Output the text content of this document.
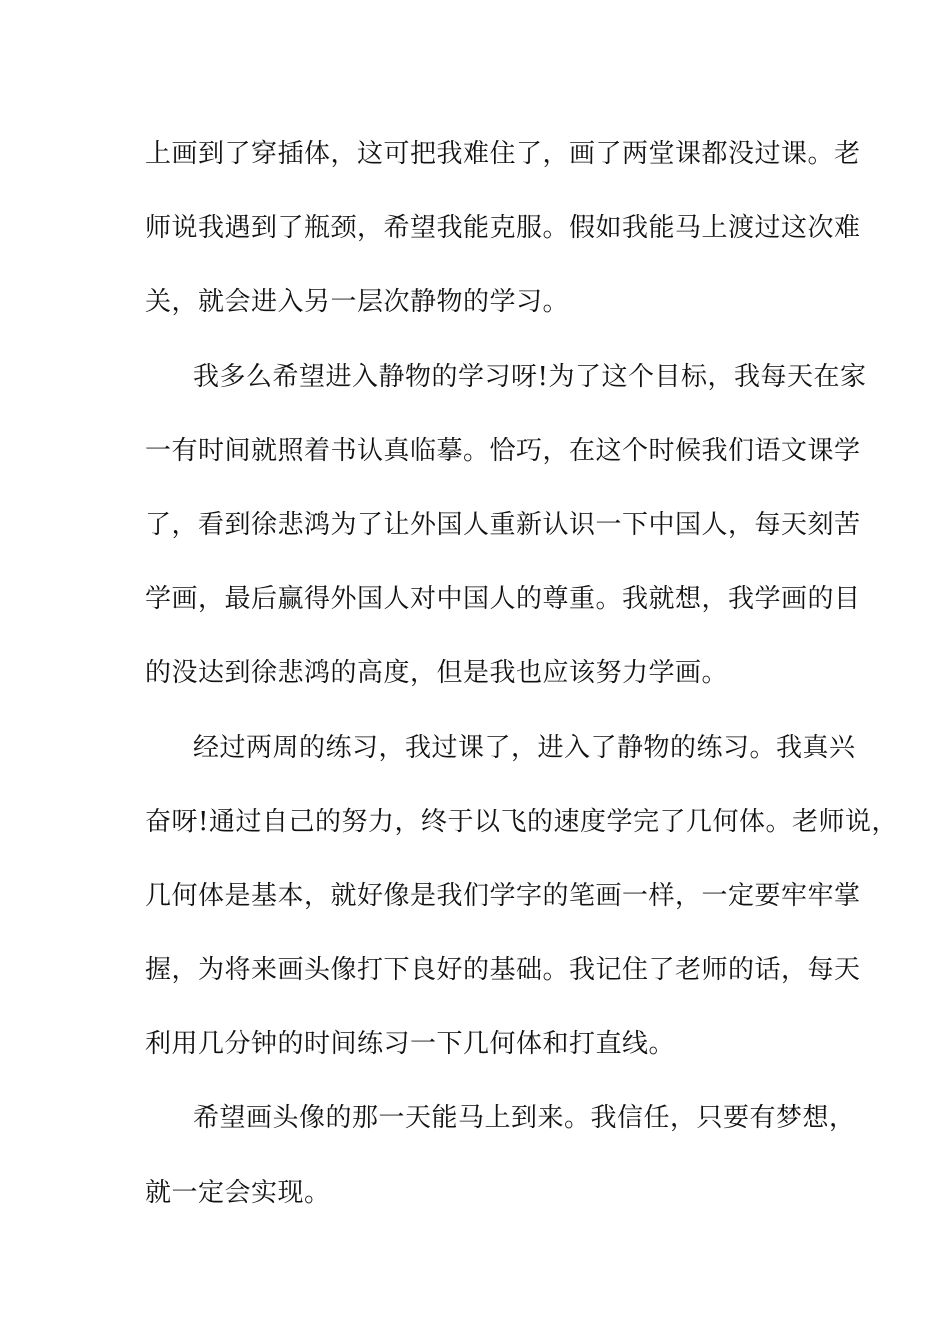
上画到了穿插体，这可把我难住了，画了两堂课都没过课。老
师说我遇到了瓶颈，希望我能克服。假如我能马上渡过这次难
关，就会进入另一层次静物的学习。
我多么希望进入静物的学习呀!为了这个目标，我每天在家
一有时间就照着书认真临摹。恰巧，在这个时候我们语文课学
了，看到徐悲鸿为了让外国人重新认识一下中国人，每天刻苦
学画，最后赢得外国人对中国人的尊重。我就想，我学画的目
的没达到徐悲鸿的高度，但是我也应该努力学画。
经过两周的练习，我过课了，进入了静物的练习。我真兴
奋呀!通过自己的努力，终于以飞的速度学完了几何体。老师说，
几何体是基本，就好像是我们学字的笔画一样，一定要牢牢掌
握，为将来画头像打下良好的基础。我记住了老师的话，每天
利用几分钟的时间练习一下几何体和打直线。
希望画头像的那一天能马上到来。我信任，只要有梦想，
就一定会实现。
